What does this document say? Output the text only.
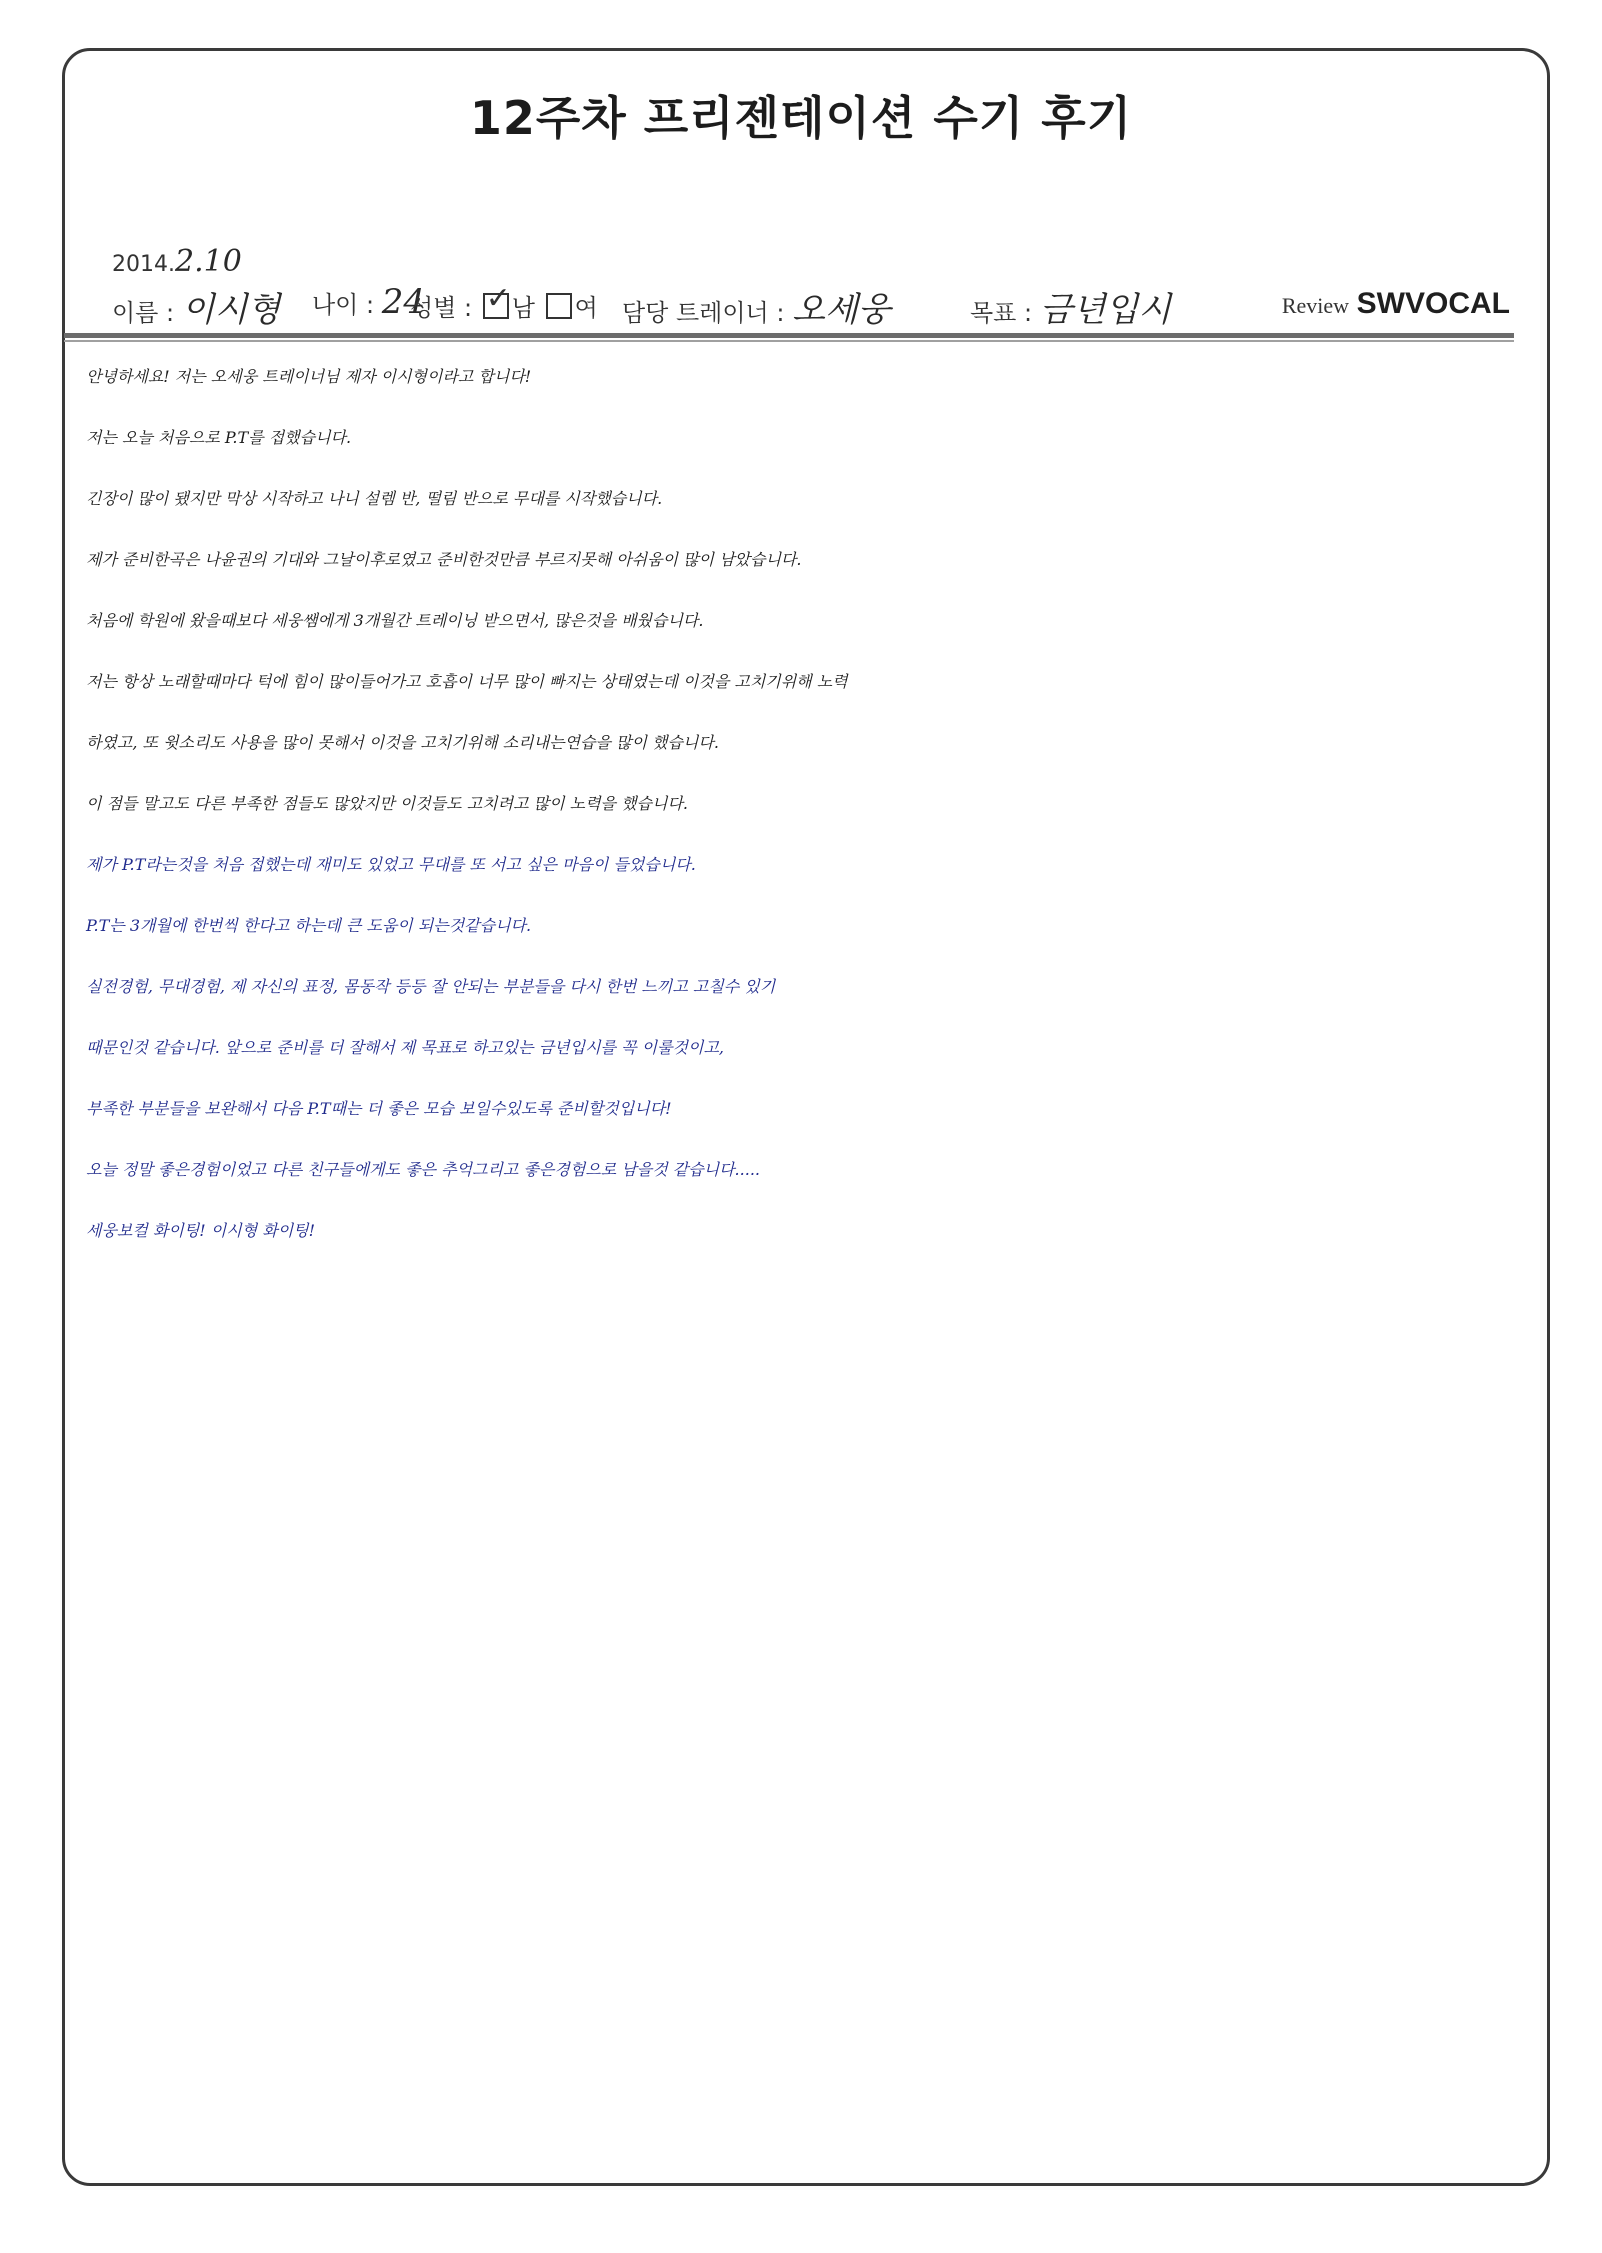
12주차 프리젠테이션 수기 후기
2014.2.10
이름 : 이시형 나이 : 24
성별 : ✓ 남 여 담당 트레이너 : 오세웅	목표 : 금년입시	Review SWVOCAL
안녕하세요! 저는 오세웅 트레이너님 제자 이시형이라고 합니다!
저는 오늘 처음으로 P.T를 접했습니다.
긴장이 많이 됐지만 막상 시작하고 나니 설렘 반, 떨림 반으로 무대를 시작했습니다.
제가 준비한곡은 나윤권의 기대와 그날이후로였고 준비한것만큼 부르지못해 아쉬움이 많이 남았습니다.
처음에 학원에 왔을때보다 세웅쌤에게 3개월간 트레이닝 받으면서, 많은것을 배웠습니다.
저는 항상 노래할때마다 턱에 힘이 많이들어가고 호흡이 너무 많이 빠지는 상태였는데 이것을 고치기위해 노력
하였고, 또 윗소리도 사용을 많이 못해서 이것을 고치기위해 소리내는연습을 많이 했습니다.
이 점들 말고도 다른 부족한 점들도 많았지만 이것들도 고치려고 많이 노력을 했습니다.
제가 P.T라는것을 처음 접했는데 재미도 있었고 무대를 또 서고 싶은 마음이 들었습니다.
P.T는 3개월에 한번씩 한다고 하는데 큰 도움이 되는것같습니다.
실전경험, 무대경험, 제 자신의 표정, 몸동작 등등 잘 안되는 부분들을 다시 한번 느끼고 고칠수 있기
때문인것 같습니다. 앞으로 준비를 더 잘해서 제 목표로 하고있는 금년입시를 꼭 이룰것이고,
부족한 부분들을 보완해서 다음 P.T때는 더 좋은 모습 보일수있도록 준비할것입니다!
오늘 정말 좋은경험이었고 다른 친구들에게도 좋은 추억그리고 좋은경험으로 남을것 같습니다.....
세웅보컬 화이팅! 이시형 화이팅!
